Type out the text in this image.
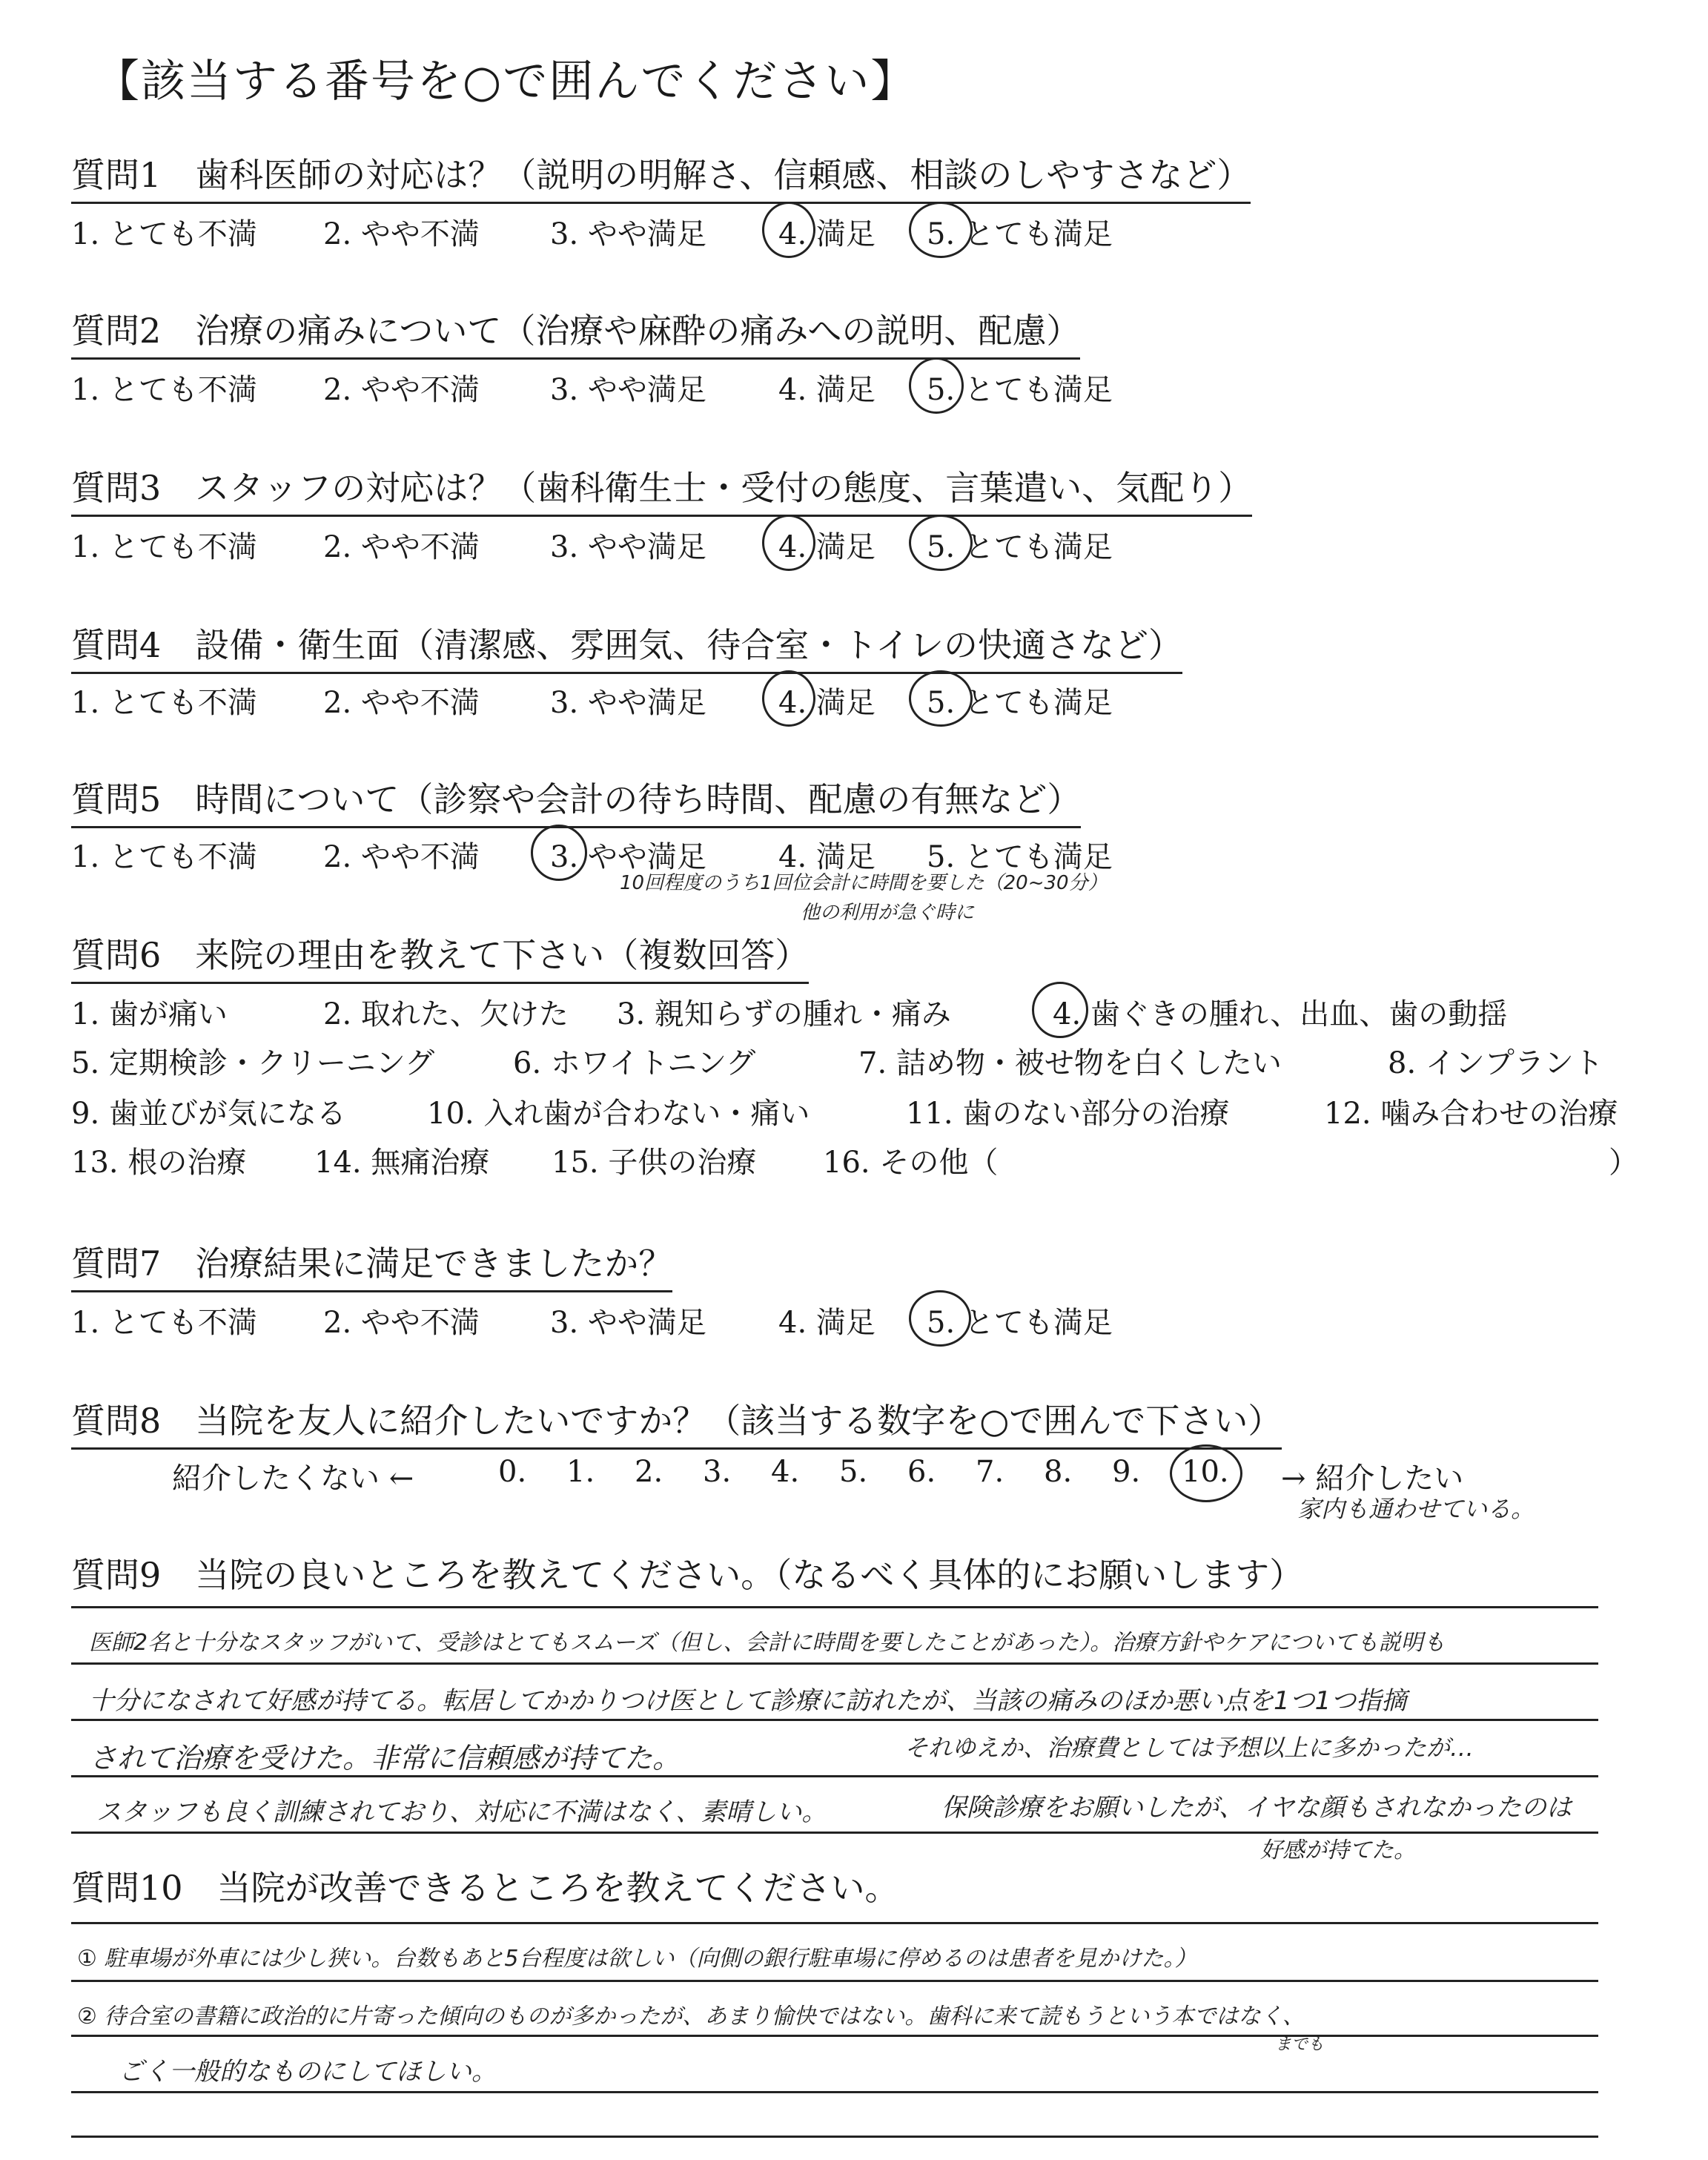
【該当する番号を○で囲んでください】
質問1　歯科医師の対応は？（説明の明解さ、信頼感、相談のしやすさなど）
1. とても不満 2. やや不満 3. やや満足 4. 満足 5. とても満足
質問2　治療の痛みについて（治療や麻酔の痛みへの説明、配慮）
1. とても不満 2. やや不満 3. やや満足 4. 満足 5. とても満足
質問3　スタッフの対応は？（歯科衛生士・受付の態度、言葉遣い、気配り）
1. とても不満 2. やや不満 3. やや満足 4. 満足 5. とても満足
質問4　設備・衛生面（清潔感、雰囲気、待合室・トイレの快適さなど）
1. とても不満 2. やや不満 3. やや満足 4. 満足 5. とても満足
質問5　時間について（診察や会計の待ち時間、配慮の有無など）
1. とても不満 2. やや不満 3. やや満足 4. 満足 5. とても満足
10回程度のうち1回位会計に時間を要した（20~30分）
他の利用が急ぐ時に
質問6　来院の理由を教えて下さい（複数回答）
1. 歯が痛い	2. 取れた、欠けた 3. 親知らずの腫れ・痛み	4. 歯ぐきの腫れ、出血、歯の動揺
5. 定期検診・クリーニング	6. ホワイトニング	7. 詰め物・被せ物を白くしたい	8. インプラント
9. 歯並びが気になる	10. 入れ歯が合わない・痛い	11. 歯のない部分の治療	12. 噛み合わせの治療
13. 根の治療 14. 無痛治療 15. 子供の治療 16. その他（	）
質問7　治療結果に満足できましたか？
1. とても不満 2. やや不満 3. やや満足 4. 満足 5. とても満足
質問8　当院を友人に紹介したいですか？（該当する数字を○で囲んで下さい）
紹介したくない ←	0. 1. 2. 3. 4. 5. 6. 7. 8. 9. 10. → 紹介したい
家内も通わせている。
質問9　当院の良いところを教えてください。（なるべく具体的にお願いします）
医師2名と十分なスタッフがいて、受診はとてもスムーズ（但し、会計に時間を要したことがあった）。治療方針やケアについても説明も
十分になされて好感が持てる。転居してかかりつけ医として診療に訪れたが、当該の痛みのほか悪い点を1つ1つ指摘
されて治療を受けた。非常に信頼感が持てた。	それゆえか、治療費としては予想以上に多かったが…
スタッフも良く訓練されており、対応に不満はなく、素晴しい。	保険診療をお願いしたが、イヤな顔もされなかったのは
好感が持てた。
質問10　当院が改善できるところを教えてください。
① 駐車場が外車には少し狭い。台数もあと5台程度は欲しい（向側の銀行駐車場に停めるのは患者を見かけた。）
② 待合室の書籍に政治的に片寄った傾向のものが多かったが、あまり愉快ではない。歯科に来て読もうという本ではなく、
までも
ごく一般的なものにしてほしい。
